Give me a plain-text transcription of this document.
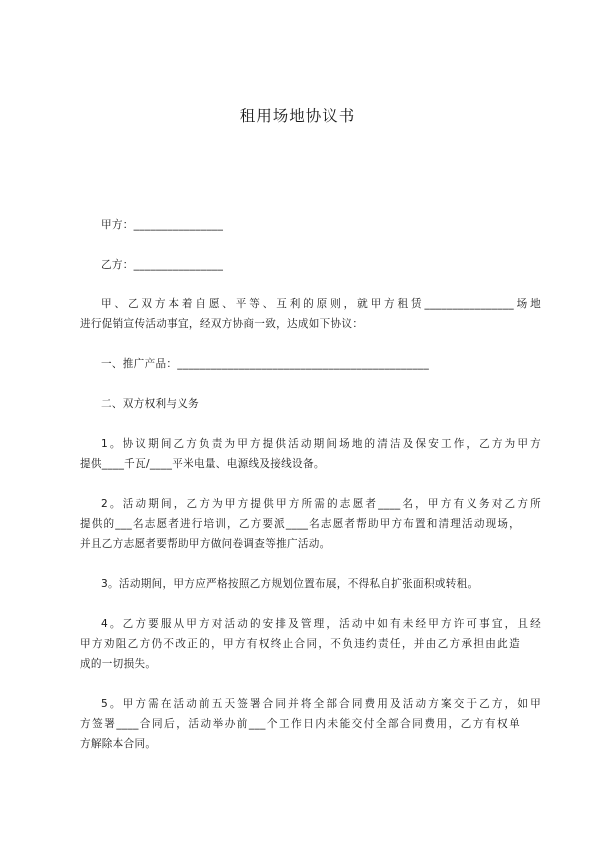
租用场地协议书
甲方：________________
乙方：________________
甲、乙双方本着自愿、平等、互利的原则，就甲方租赁________________场地
进行促销宣传活动事宜，经双方协商一致，达成如下协议：
一、推广产品：_____________________________________________
二、双方权利与义务
1。协议期间乙方负责为甲方提供活动期间场地的清洁及保安工作，乙方为甲方
提供____千瓦/____平米电量、电源线及接线设备。
2。活动期间，乙方为甲方提供甲方所需的志愿者____名，甲方有义务对乙方所
提供的___名志愿者进行培训，乙方要派____名志愿者帮助甲方布置和清理活动现场，
并且乙方志愿者要帮助甲方做问卷调查等推广活动。
3。活动期间，甲方应严格按照乙方规划位置布展，不得私自扩张面积或转租。
4。乙方要服从甲方对活动的安排及管理，活动中如有未经甲方许可事宜，且经
甲方劝阻乙方仍不改正的，甲方有权终止合同，不负违约责任，并由乙方承担由此造
成的一切损失。
5。甲方需在活动前五天签署合同并将全部合同费用及活动方案交于乙方，如甲
方签署____合同后，活动举办前___个工作日内未能交付全部合同费用，乙方有权单
方解除本合同。
